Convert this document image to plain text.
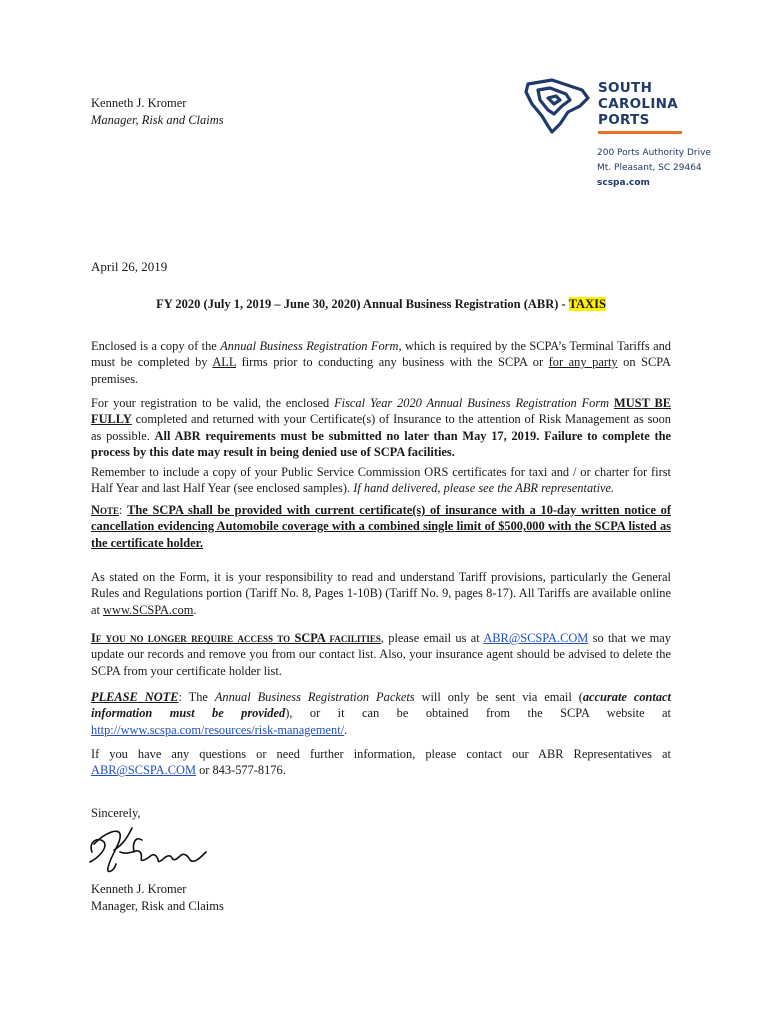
Kenneth J. Kromer
Manager, Risk and Claims
SOUTH
CAROLINA
PORTS
200 Ports Authority Drive
Mt. Pleasant, SC 29464
scspa.com
April 26, 2019
FY 2020 (July 1, 2019 – June 30, 2020) Annual Business Registration (ABR) - TAXIS
Enclosed is a copy of the Annual Business Registration Form, which is required by the SCPA’s Terminal Tariffs and must be completed by ALL firms prior to conducting any business with the SCPA or for any party on SCPA premises.
For your registration to be valid, the enclosed Fiscal Year 2020 Annual Business Registration Form MUST BE FULLY completed and returned with your Certificate(s) of Insurance to the attention of Risk Management as soon as possible. All ABR requirements must be submitted no later than May 17, 2019. Failure to complete the process by this date may result in being denied use of SCPA facilities.
Remember to include a copy of your Public Service Commission ORS certificates for taxi and / or charter for first Half Year and last Half Year (see enclosed samples). If hand delivered, please see the ABR representative.
Note: The SCPA shall be provided with current certificate(s) of insurance with a 10-day written notice of cancellation evidencing Automobile coverage with a combined single limit of $500,000 with the SCPA listed as the certificate holder.
As stated on the Form, it is your responsibility to read and understand Tariff provisions, particularly the General Rules and Regulations portion (Tariff No. 8, Pages 1-10B) (Tariff No. 9, pages 8-17). All Tariffs are available online at www.SCSPA.com.
If you no longer require access to SCPA facilities, please email us at ABR@SCSPA.COM so that we may update our records and remove you from our contact list. Also, your insurance agent should be advised to delete the SCPA from your certificate holder list.
PLEASE NOTE: The Annual Business Registration Packets will only be sent via email (accurate contact information must be provided), or it can be obtained from the SCPA website at http://www.scspa.com/resources/risk-management/.
If you have any questions or need further information, please contact our ABR Representatives at ABR@SCSPA.COM or 843-577-8176.
Sincerely,
Kenneth J. Kromer
Manager, Risk and Claims
